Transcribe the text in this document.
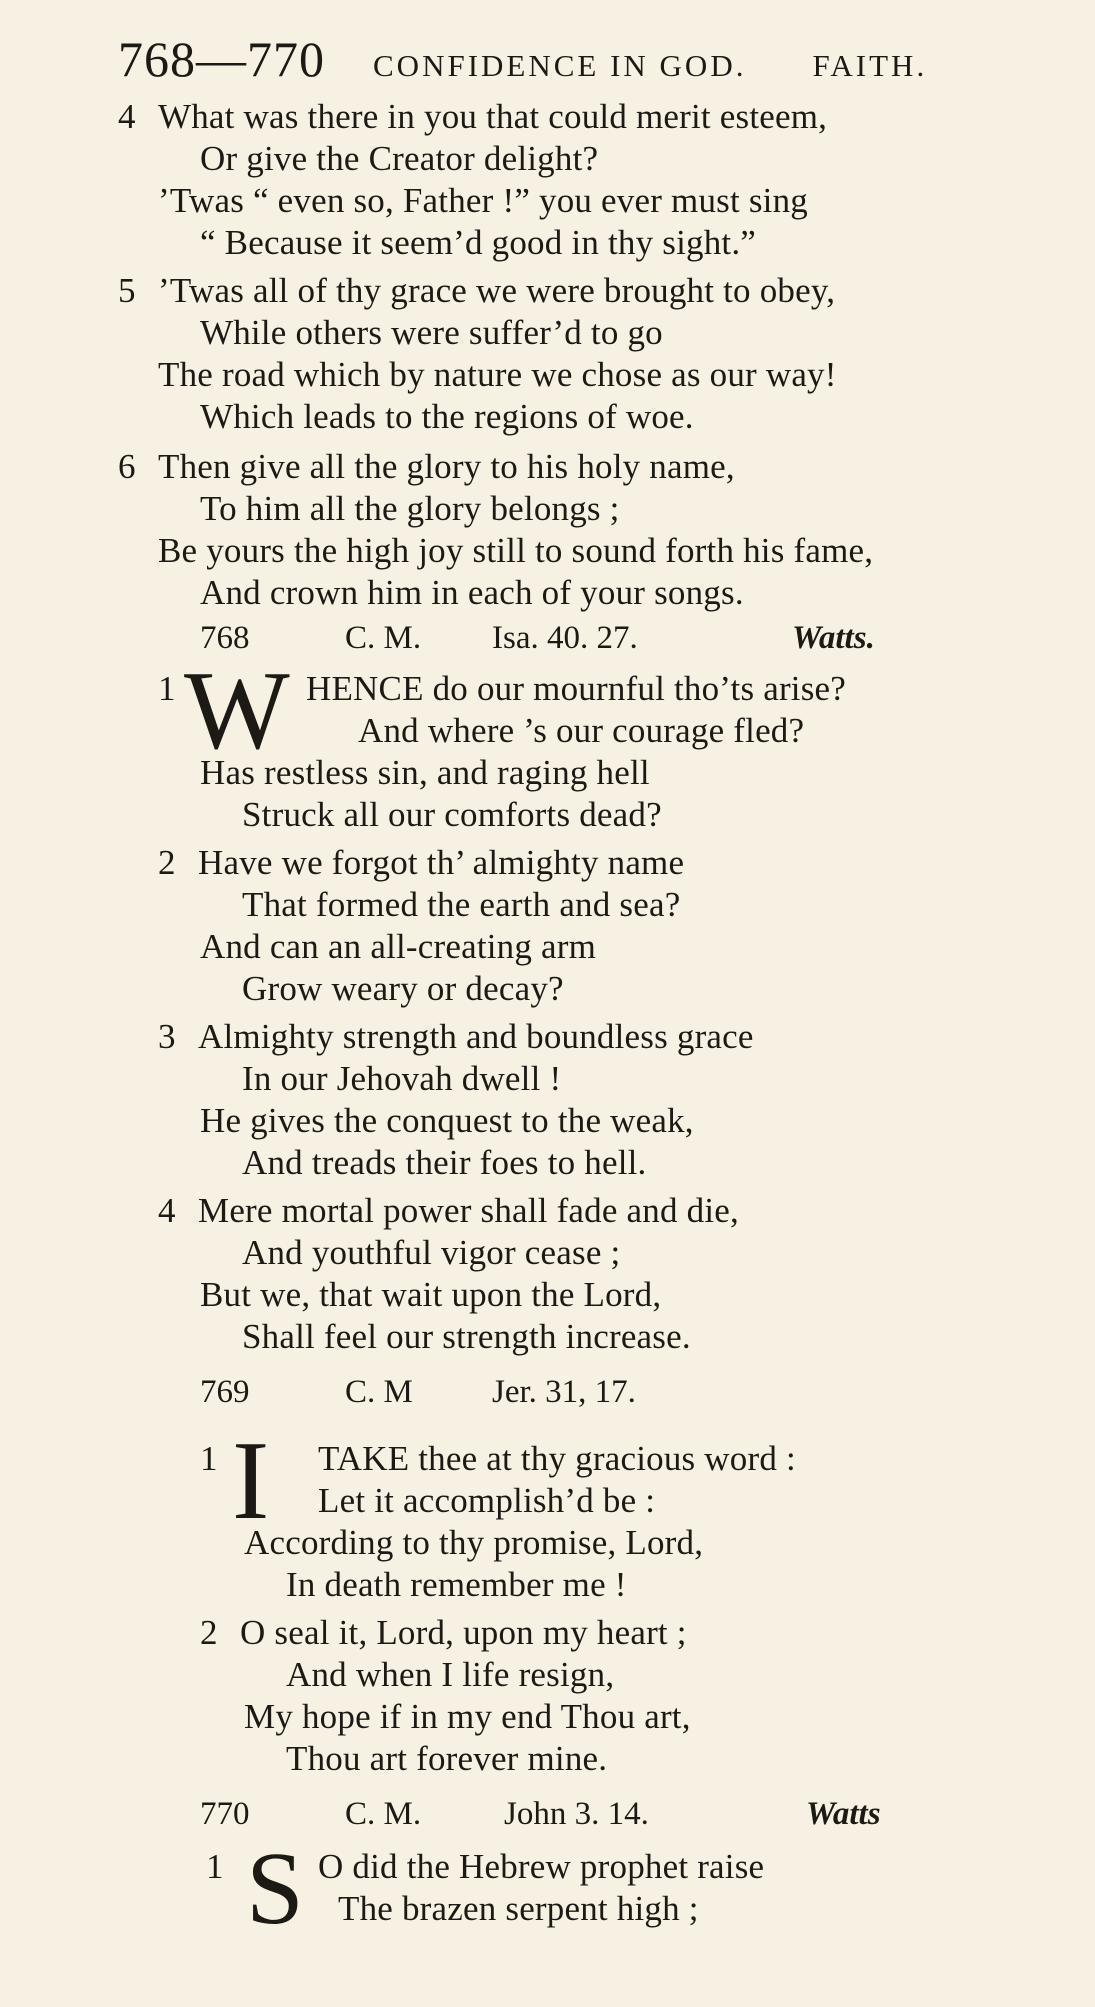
768—770 CONFIDENCE IN GOD. FAITH.
4 What was there in you that could merit esteem,
Or give the Creator delight?
’Twas “ even so, Father !” you ever must sing
“ Because it seem’d good in thy sight.”
5 ’Twas all of thy grace we were brought to obey,
While others were suffer’d to go
The road which by nature we chose as our way!
Which leads to the regions of woe.
6 Then give all the glory to his holy name,
To him all the glory belongs ;
Be yours the high joy still to sound forth his fame,
And crown him in each of your songs.
768	C. M. Isa. 40. 27.	Watts.
1 W HENCE do our mournful tho’ts arise?
And where ’s our courage fled?
Has restless sin, and raging hell
Struck all our comforts dead?
2 Have we forgot th’ almighty name
That formed the earth and sea?
And can an all-creating arm
Grow weary or decay?
3 Almighty strength and boundless grace
In our Jehovah dwell !
He gives the conquest to the weak,
And treads their foes to hell.
4 Mere mortal power shall fade and die,
And youthful vigor cease ;
But we, that wait upon the Lord,
Shall feel our strength increase.
769	C. M Jer. 31, 17.
1 I TAKE thee at thy gracious word :
Let it accomplish’d be :
According to thy promise, Lord,
In death remember me !
2 O seal it, Lord, upon my heart ;
And when I life resign,
My hope if in my end Thou art,
Thou art forever mine.
770	C. M.	John 3. 14.	Watts
1 S O did the Hebrew prophet raise
The brazen serpent high ;
